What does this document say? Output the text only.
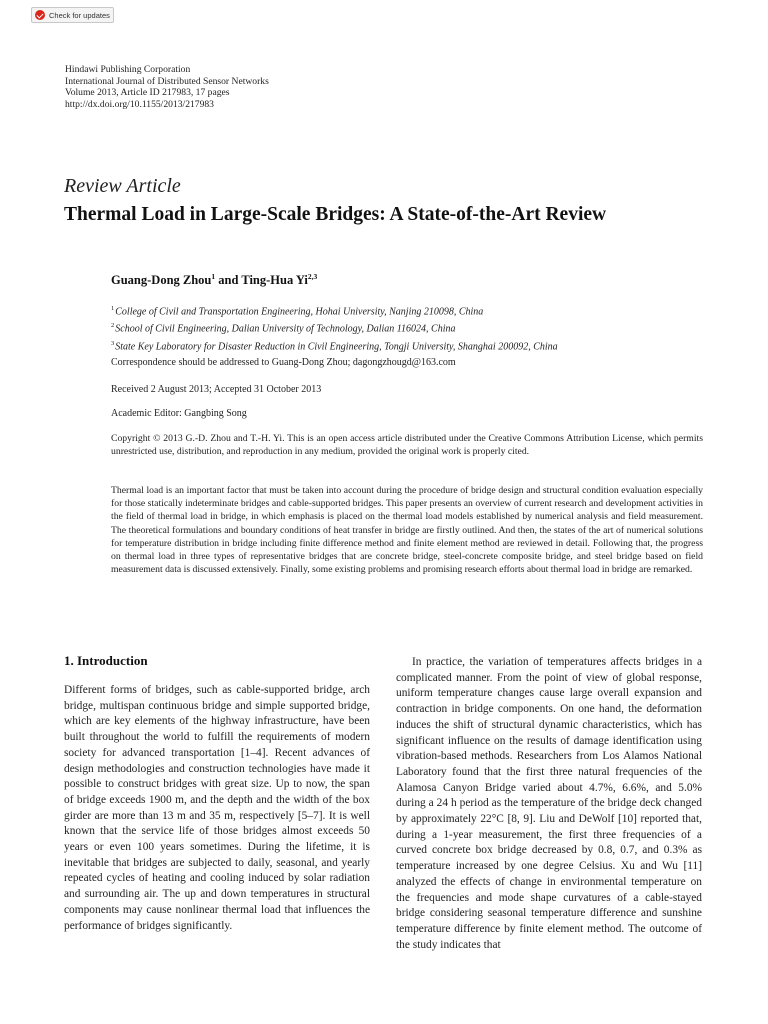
Check for updates
Hindawi Publishing Corporation
International Journal of Distributed Sensor Networks
Volume 2013, Article ID 217983, 17 pages
http://dx.doi.org/10.1155/2013/217983
Review Article
Thermal Load in Large-Scale Bridges: A State-of-the-Art Review
Guang-Dong Zhou$^1$ and Ting-Hua Yi$^{2,3}$
$^1$College of Civil and Transportation Engineering, Hohai University, Nanjing 210098, China
$^2$School of Civil Engineering, Dalian University of Technology, Dalian 116024, China
$^3$State Key Laboratory for Disaster Reduction in Civil Engineering, Tongji University, Shanghai 200092, China
Correspondence should be addressed to Guang-Dong Zhou; dagongzhougd@163.com
Received 2 August 2013; Accepted 31 October 2013
Academic Editor: Gangbing Song
Copyright © 2013 G.-D. Zhou and T.-H. Yi. This is an open access article distributed under the Creative Commons Attribution License, which permits unrestricted use, distribution, and reproduction in any medium, provided the original work is properly cited.
Thermal load is an important factor that must be taken into account during the procedure of bridge design and structural condition evaluation especially for those statically indeterminate bridges and cable-supported bridges. This paper presents an overview of current research and development activities in the field of thermal load in bridge, in which emphasis is placed on the thermal load models established by numerical analysis and field measurement. The theoretical formulations and boundary conditions of heat transfer in bridge are firstly outlined. And then, the states of the art of numerical solutions for temperature distribution in bridge including finite difference method and finite element method are reviewed in detail. Following that, the progress on thermal load in three types of representative bridges that are concrete bridge, steel-concrete composite bridge, and steel bridge based on field measurement data is discussed extensively. Finally, some existing problems and promising research efforts about thermal load in bridge are remarked.
1. Introduction

Different forms of bridges, such as cable-supported bridge, arch bridge, multispan continuous bridge and simple supported bridge, which are key elements of the highway infrastructure, have been built throughout the world to fulfill the requirements of modern society for advanced transportation [1–4]. Recent advances of design methodologies and construction technologies have made it possible to construct bridges with great size. Up to now, the span of bridge exceeds 1900 m, and the depth and the width of the box girder are more than 13 m and 35 m, respectively [5–7]. It is well known that the service life of those bridges almost exceeds 50 years or even 100 years sometimes. During the lifetime, it is inevitable that bridges are subjected to daily, seasonal, and yearly repeated cycles of heating and cooling induced by solar radiation and surrounding air. The up and down temperatures in structural components may cause nonlinear thermal load that influences the performance of bridges significantly.

In practice, the variation of temperatures affects bridges in a complicated manner. From the point of view of global response, uniform temperature changes cause large overall expansion and contraction in bridge components. On one hand, the deformation induces the shift of structural dynamic characteristics, which has significant influence on the results of damage identification using vibration-based methods. Researchers from Los Alamos National Laboratory found that the first three natural frequencies of the Alamosa Canyon Bridge varied about 4.7%, 6.6%, and 5.0% during a 24 h period as the temperature of the bridge deck changed by approximately 22°C [8, 9]. Liu and DeWolf [10] reported that, during a 1-year measurement, the first three frequencies of a curved concrete box bridge decreased by 0.8, 0.7, and 0.3% as temperature increased by one degree Celsius. Xu and Wu [11] analyzed the effects of change in environmental temperature on the frequencies and mode shape curvatures of a cable-stayed bridge considering seasonal temperature difference and sunshine temperature difference by finite element method. The outcome of the study indicates that
